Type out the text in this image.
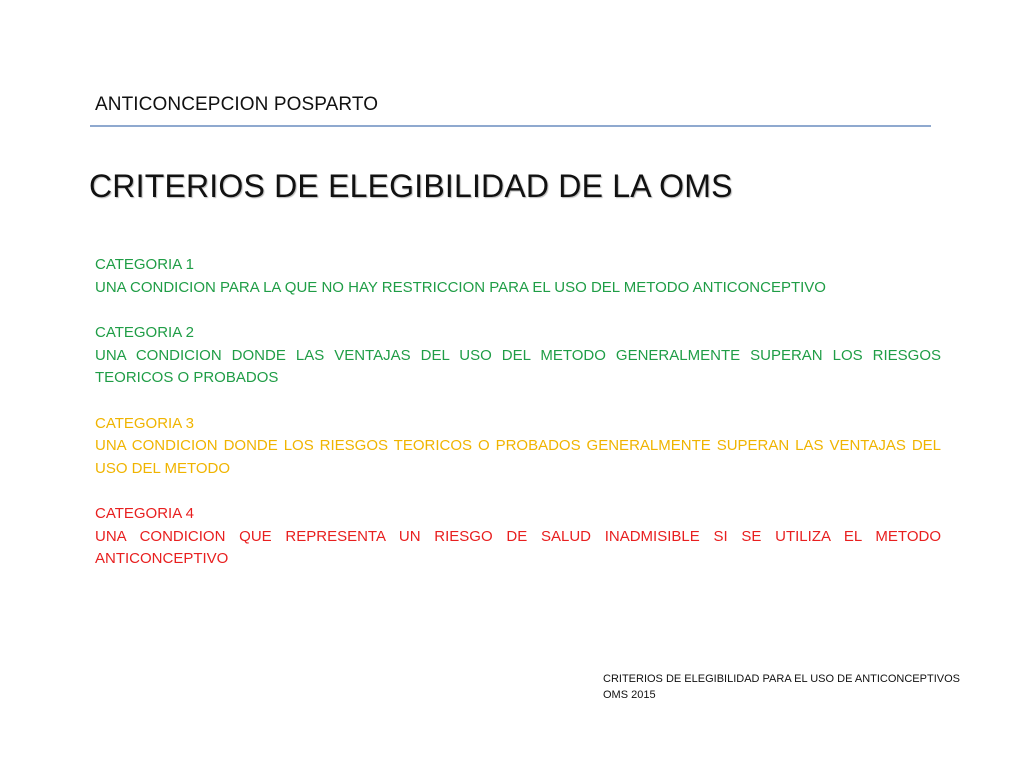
ANTICONCEPCION POSPARTO
CRITERIOS DE ELEGIBILIDAD DE LA OMS
CATEGORIA 1
UNA CONDICION PARA LA QUE NO HAY RESTRICCION PARA EL USO DEL METODO ANTICONCEPTIVO
CATEGORIA 2
UNA CONDICION DONDE LAS VENTAJAS DEL USO DEL METODO GENERALMENTE SUPERAN LOS RIESGOS TEORICOS O PROBADOS
CATEGORIA 3
UNA CONDICION DONDE LOS RIESGOS TEORICOS O PROBADOS GENERALMENTE SUPERAN LAS VENTAJAS DEL USO DEL METODO
CATEGORIA 4
UNA CONDICION QUE REPRESENTA UN RIESGO DE SALUD INADMISIBLE SI SE UTILIZA EL METODO ANTICONCEPTIVO
CRITERIOS DE ELEGIBILIDAD PARA EL USO DE ANTICONCEPTIVOS
OMS 2015
